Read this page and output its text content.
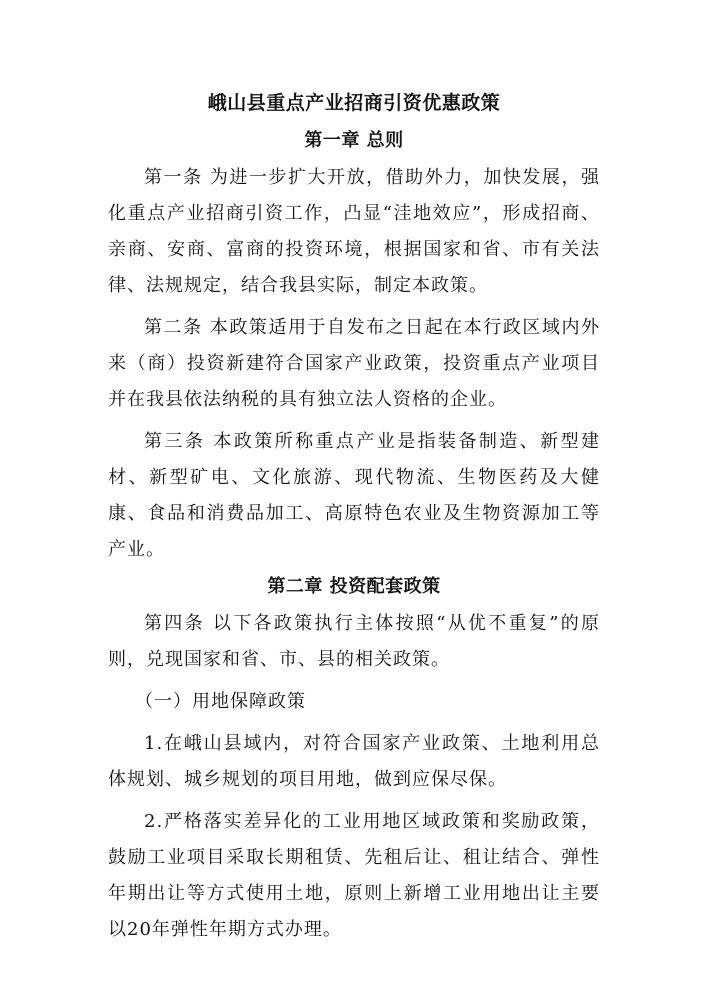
峨山县重点产业招商引资优惠政策
第一章 总则

第一条 为进一步扩大开放，借助外力，加快发展，强化重点产业招商引资工作，凸显“洼地效应”，形成招商、亲商、安商、富商的投资环境，根据国家和省、市有关法律、法规规定，结合我县实际，制定本政策。

第二条 本政策适用于自发布之日起在本行政区域内外来（商）投资新建符合国家产业政策，投资重点产业项目并在我县依法纳税的具有独立法人资格的企业。

第三条 本政策所称重点产业是指装备制造、新型建材、新型矿电、文化旅游、现代物流、生物医药及大健康、食品和消费品加工、高原特色农业及生物资源加工等产业。

第二章 投资配套政策

第四条 以下各政策执行主体按照“从优不重复”的原则，兑现国家和省、市、县的相关政策。

（一）用地保障政策

1.在峨山县域内，对符合国家产业政策、土地利用总体规划、城乡规划的项目用地，做到应保尽保。

2.严格落实差异化的工业用地区域政策和奖励政策，鼓励工业项目采取长期租赁、先租后让、租让结合、弹性年期出让等方式使用土地，原则上新增工业用地出让主要以20年弹性年期方式办理。
